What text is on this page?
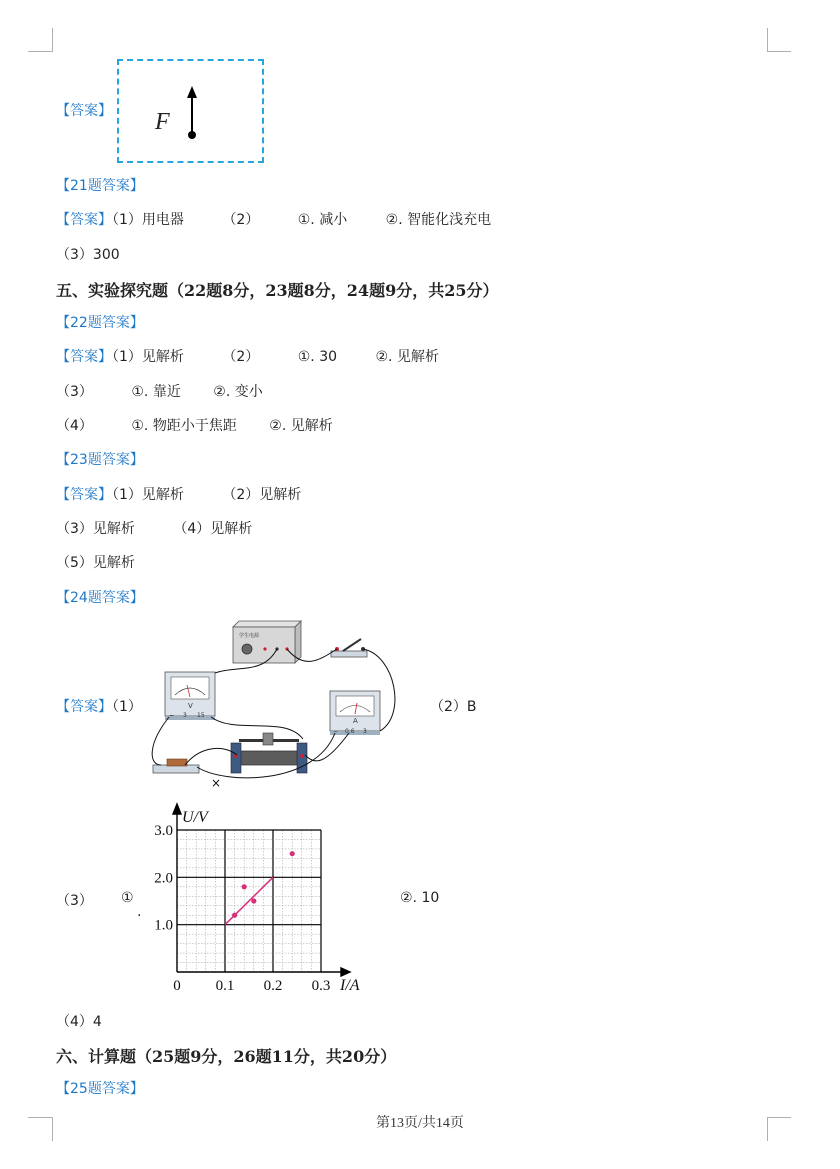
【答案】 F
【21题答案】
【答案】（1）用电器	（2）	①. 减小	②. 智能化浅充电
（3）300
五、实验探究题（22题8分，23题8分，24题9分，共25分）
【22题答案】
【答案】（1）见解析	（2）	①. 30	②. 见解析
（3）	①. 靠近 ②. 变小
（4）	①. 物距小于焦距 ②. 见解析
【23题答案】
【答案】（1）见解析	（2）见解析
（3）见解析	（4）见解析
（5）见解析
【24题答案】
【答案】（1）	（2）B
学生电源
V
− 3 15
A
− 0.6 3
×
（3） ①
.
②. 10
0 0.1 0.2 0.3
1.0
2.0
3.0
U/V
I/A
（4）4
六、计算题（25题9分，26题11分，共20分）
【25题答案】
第13页/共14页
